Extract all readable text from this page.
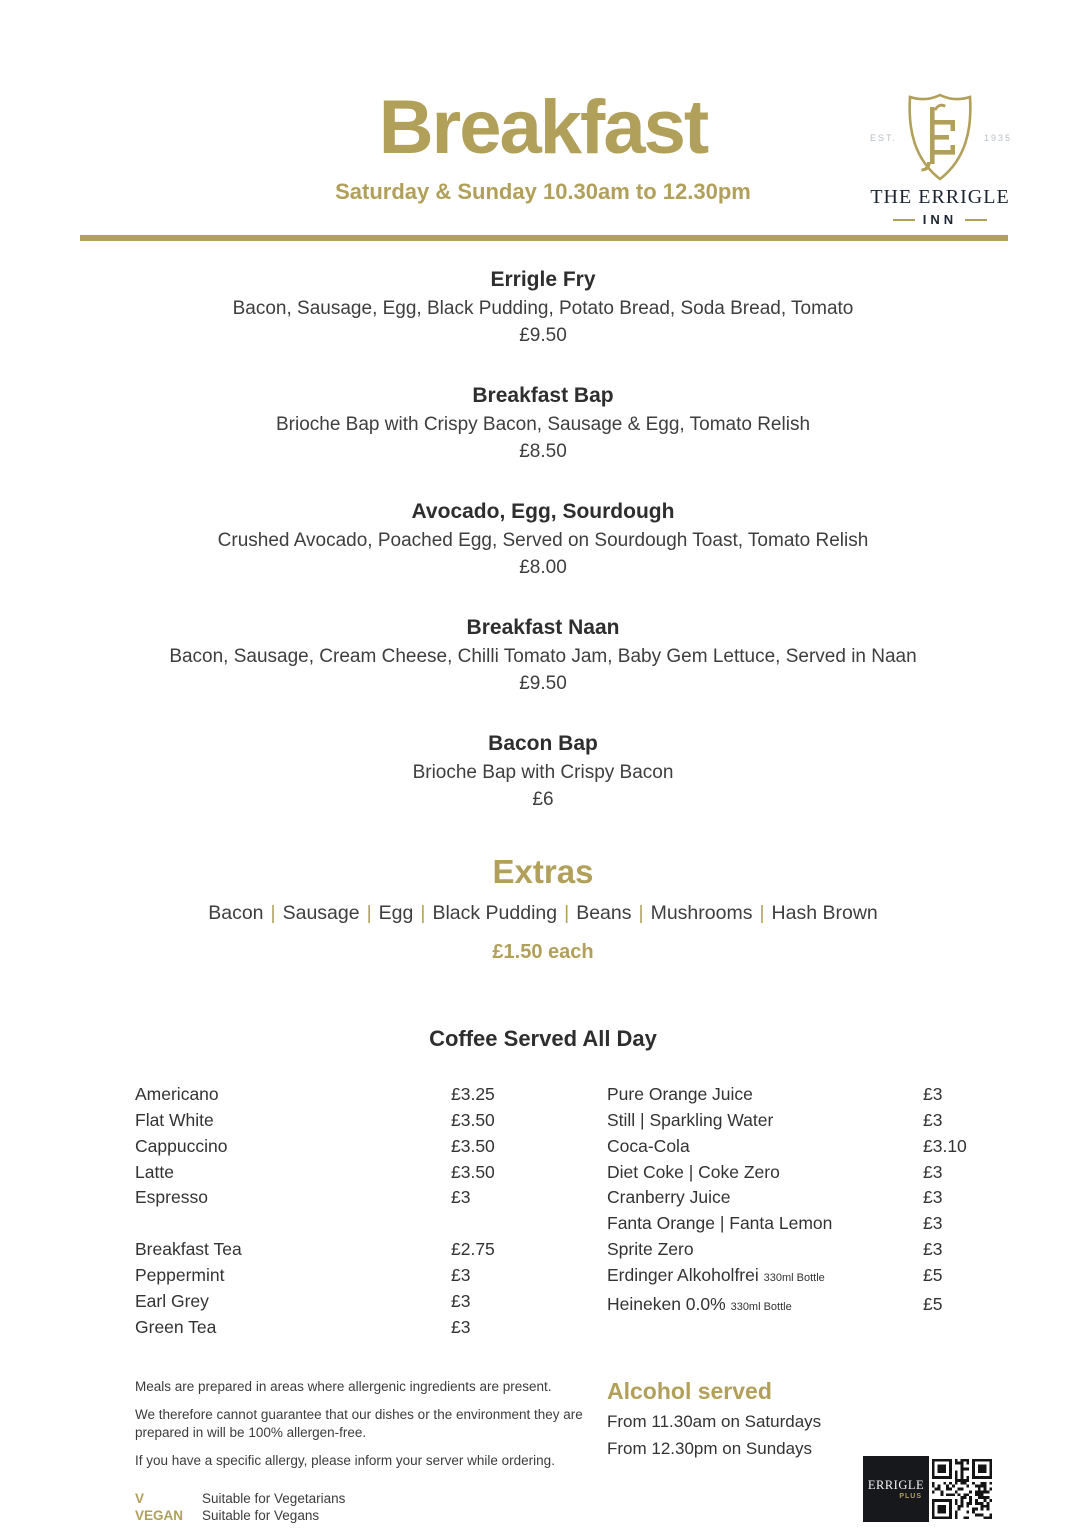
Breakfast
Saturday & Sunday 10.30am to 12.30pm
EST.	1935
THE ERRIGLE
INN
Errigle Fry
Bacon, Sausage, Egg, Black Pudding, Potato Bread, Soda Bread, Tomato
£9.50
Breakfast Bap
Brioche Bap with Crispy Bacon, Sausage & Egg, Tomato Relish
£8.50
Avocado, Egg, Sourdough
Crushed Avocado, Poached Egg, Served on Sourdough Toast, Tomato Relish
£8.00
Breakfast Naan
Bacon, Sausage, Cream Cheese, Chilli Tomato Jam, Baby Gem Lettuce, Served in Naan
£9.50
Bacon Bap
Brioche Bap with Crispy Bacon
£6
Extras
Bacon | Sausage | Egg | Black Pudding | Beans | Mushrooms | Hash Brown
£1.50 each
Coffee Served All Day
Americano	£3.25
Flat White	£3.50
Cappuccino	£3.50
Latte	£3.50
Espresso	£3
Breakfast Tea	£2.75
Peppermint	£3
Earl Grey	£3
Green Tea	£3
Pure Orange Juice	£3
Still | Sparkling Water	£3
Coca-Cola	£3.10
Diet Coke | Coke Zero	£3
Cranberry Juice	£3
Fanta Orange | Fanta Lemon	£3
Sprite Zero	£3
Erdinger Alkoholfrei 330ml Bottle	£5
Heineken 0.0% 330ml Bottle	£5

Meals are prepared in areas where allergenic ingredients are present.

We therefore cannot guarantee that our dishes or the environment they are prepared in will be 100% allergen-free.

If you have a specific allergy, please inform your server while ordering.

V	Suitable for Vegetarians
VEGAN	Suitable for Vegans
Alcohol served
From 11.30am on Saturdays
From 12.30pm on Sundays
ERRIGLE
PLUS
